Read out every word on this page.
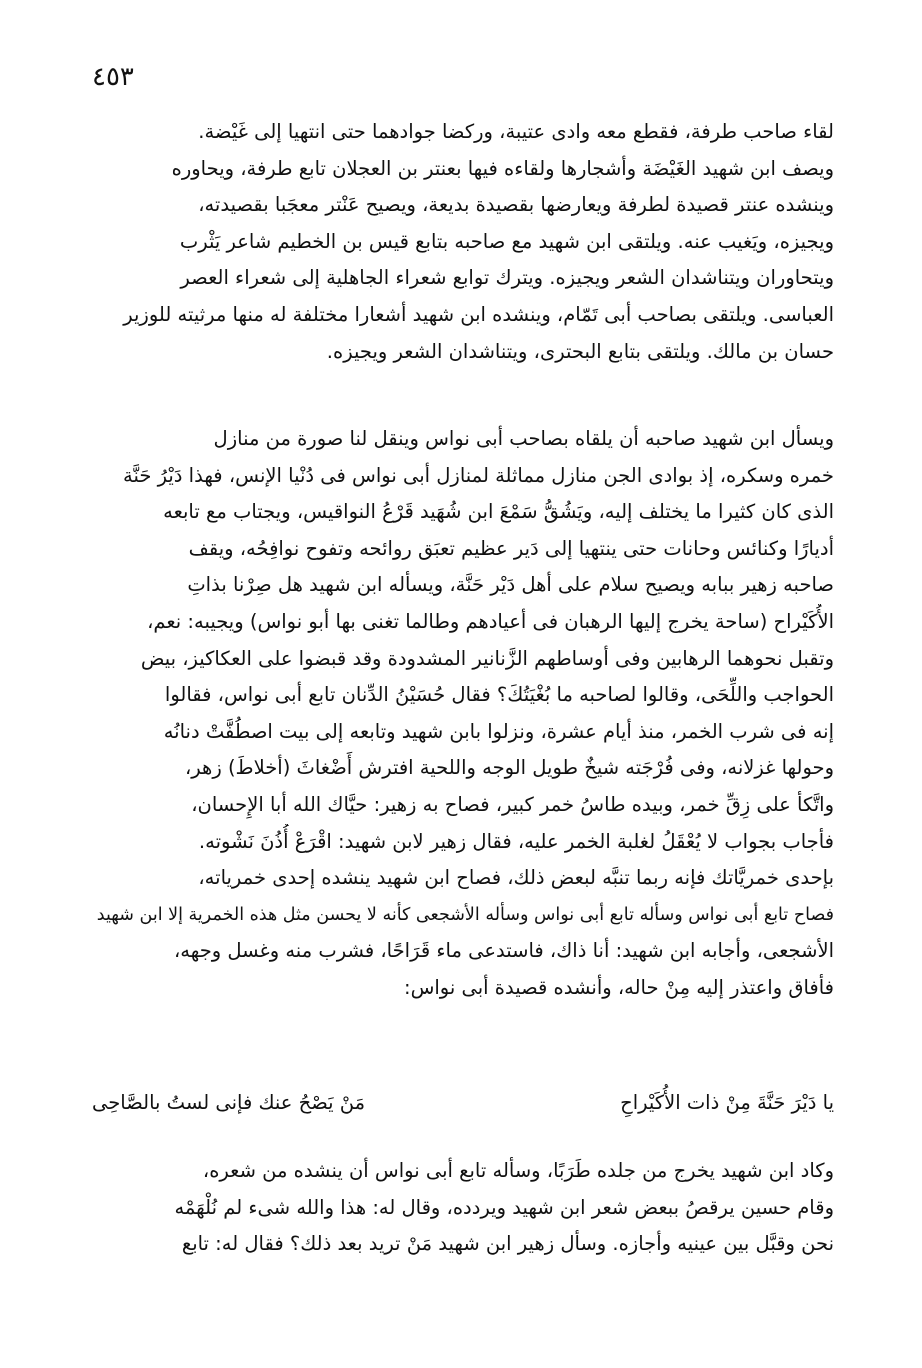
٤٥٣
لقاء صاحب طرفة، فقطع معه وادى عتيبة، وركضا جوادهما حتى انتهيا إلى غَيْضة.
ويصف ابن شهيد الغَيْضَة وأشجارها ولقاءه فيها بعنتر بن العجلان تابع طرفة، ويحاوره
وينشده عنتر قصيدة لطرفة ويعارضها بقصيدة بديعة، ويصيح عَنْتر معجَبا بقصيدته،
ويجيزه، ويَغيب عنه. ويلتقى ابن شهيد مع صاحبه بتابع قيس بن الخطيم شاعر يَثْرب
ويتحاوران ويتناشدان الشعر ويجيزه. ويترك توابع شعراء الجاهلية إلى شعراء العصر
العباسى. ويلتقى بصاحب أبى تَمّام، وينشده ابن شهيد أشعارا مختلفة له منها مرثيته للوزير
حسان بن مالك. ويلتقى بتابع البحترى، ويتناشدان الشعر ويجيزه.
ويسأل ابن شهيد صاحبه أن يلقاه بصاحب أبى نواس وينقل لنا صورة من منازل
خمره وسكره، إذ بوادى الجن منازل مماثلة لمنازل أبى نواس فى دُنْيا الإنس، فهذا دَيْرُ حَنَّة
الذى كان كثيرا ما يختلف إليه، ويَشُقُّ سَمْعَ ابن شُهَيد قَرْعُ النواقيس، ويجتاب مع تابعه
أديارًا وكنائس وحانات حتى ينتهيا إلى دَير عظيم تعبَق روائحه وتفوح نوافِحُه، ويقف
صاحبه زهير ببابه ويصيح سلام على أهل دَيْر حَنَّة، ويسأله ابن شهيد هل صِرْنا بذاتِ
الأُكَيْراح (ساحة يخرج إليها الرهبان فى أعيادهم وطالما تغنى بها أبو نواس) ويجيبه: نعم،
وتقبل نحوهما الرهابين وفى أوساطهم الزَّنانير المشدودة وقد قبضوا على العكاكيز، بيض
الحواجب واللِّحَى، وقالوا لصاحبه ما بُغْيَتُكَ؟ فقال حُسَيْنُ الدِّنان تابع أبى نواس، فقالوا
إنه فى شرب الخمر، منذ أيام عشرة، ونزلوا بابن شهيد وتابعه إلى بيت اصطُفَّتْ دنانُه
وحولها غزلانه، وفى فُرْجَته شيخٌ طويل الوجه واللحية افترش أَضْغاثَ (أخلاطَ) زهر،
واتَّكأ على زِقِّ خمر، وبيده طاسُ خمر كبير، فصاح به زهير: حيَّاك الله أبا الإِحسان،
فأجاب بجواب لا يُعْقَلُ لغلبة الخمر عليه، فقال زهير لابن شهيد: اقْرَعْ أُذُنَ نَشْوته.
بإحدى خمريَّاتك فإنه ربما تنبَّه لبعض ذلك، فصاح ابن شهيد ينشده إحدى خمرياته،
فصاح تابع أبى نواس وسأله تابع أبى نواس وسأله الأشجعى كأنه لا يحسن مثل هذه الخمرية إلا ابن شهيد
الأشجعى، وأجابه ابن شهيد: أنا ذاك، فاستدعى ماء قَرَاحًا، فشرب منه وغسل وجهه،
فأفاق واعتذر إليه مِنْ حاله، وأنشده قصيدة أبى نواس:
يا دَيْرَ حَنَّةَ مِنْ ذات الأُكَيْراحِ
مَنْ يَصْحُ عنك فإنى لستُ بالصَّاحِى
وكاد ابن شهيد يخرج من جلده طَرَبًا، وسأله تابع أبى نواس أن ينشده من شعره،
وقام حسين يرقصُ ببعض شعر ابن شهيد ويردده، وقال له: هذا والله شىء لم نُلْهَمْه
نحن وقبَّل بين عينيه وأجازه. وسأل زهير ابن شهيد مَنْ تريد بعد ذلك؟ فقال له: تابع
